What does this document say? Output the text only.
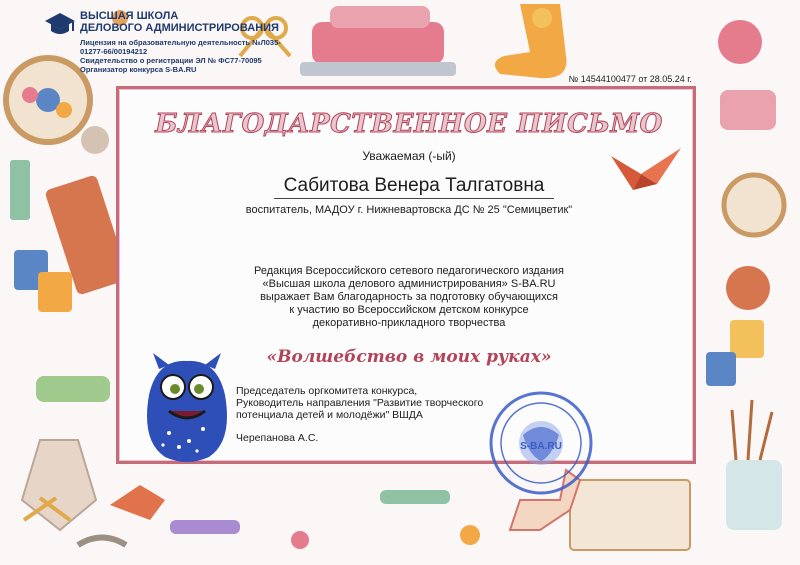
ВЫСШАЯ ШКОЛА
ДЕЛОВОГО АДМИНИСТРИРОВАНИЯ
Лицензия на образовательную деятельность №Л035-01277-66/00194212
Свидетельство о регистрации ЭЛ № ФС77-70095
Организатор конкурса S-BA.RU
№ 14544100477 от 28.05.24 г.
БЛАГОДАРСТВЕННОЕ ПИСЬМО
Уважаемая (-ый)
Сабитова Венера Талгатовна
воспитатель, МАДОУ г. Нижневартовска ДС № 25 "Семицветик"
Редакция Всероссийского сетевого педагогического издания
«Высшая школа делового администрирования» S-BA.RU
выражает Вам благодарность за подготовку обучающихся
к участию во Всероссийском детском конкурсе
декоративно-прикладного творчества
«Волшебство в моих руках»
Председатель оргкомитета конкурса,
Руководитель направления "Развитие творческого
потенциала детей и молодёжи" ВШДА
Черепанова А.С.
S-BA.RU
